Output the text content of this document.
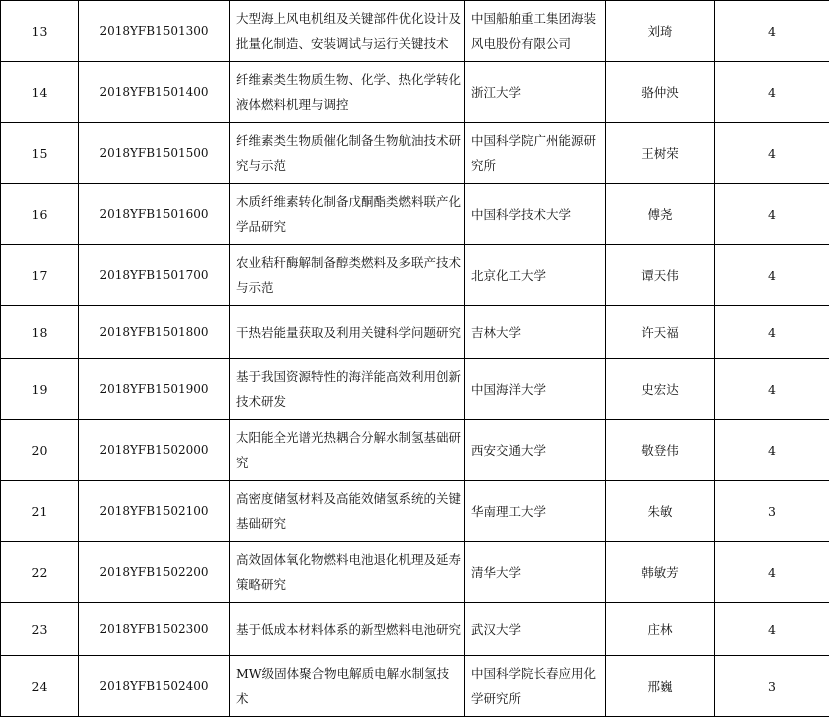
13	2018YFB1501300	大型海上风电机组及关键部件优化设计及批量化制造、安装调试与运行关键技术	中国船舶重工集团海装风电股份有限公司	刘琦	4
14	2018YFB1501400	纤维素类生物质生物、化学、热化学转化液体燃料机理与调控	浙江大学	骆仲泱	4
15	2018YFB1501500	纤维素类生物质催化制备生物航油技术研究与示范	中国科学院广州能源研究所	王树荣	4
16	2018YFB1501600	木质纤维素转化制备戊酮酯类燃料联产化学品研究	中国科学技术大学	傅尧	4
17	2018YFB1501700	农业秸秆酶解制备醇类燃料及多联产技术与示范	北京化工大学	谭天伟	4
18	2018YFB1501800	干热岩能量获取及利用关键科学问题研究	吉林大学	许天福	4
19	2018YFB1501900	基于我国资源特性的海洋能高效利用创新技术研发	中国海洋大学	史宏达	4
20	2018YFB1502000	太阳能全光谱光热耦合分解水制氢基础研究	西安交通大学	敬登伟	4
21	2018YFB1502100	高密度储氢材料及高能效储氢系统的关键基础研究	华南理工大学	朱敏	3
22	2018YFB1502200	高效固体氧化物燃料电池退化机理及延寿策略研究	清华大学	韩敏芳	4
23	2018YFB1502300	基于低成本材料体系的新型燃料电池研究	武汉大学	庄林	4
24	2018YFB1502400	MW级固体聚合物电解质电解水制氢技术	中国科学院长春应用化学研究所	邢巍	3
